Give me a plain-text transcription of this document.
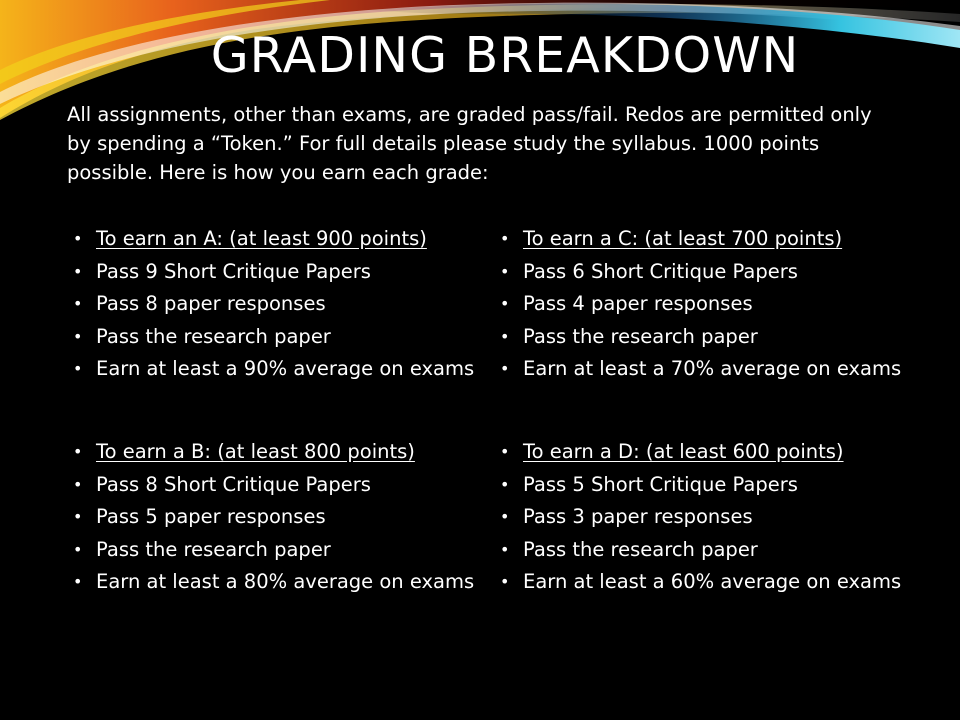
GRADING BREAKDOWN

All assignments, other than exams, are graded pass/fail. Redos are permitted only by spending a “Token.” For full details please study the syllabus. 1000 points possible. Here is how you earn each grade:

• To earn an A: (at least 900 points)
• Pass 9 Short Critique Papers
• Pass 8 paper responses
• Pass the research paper
• Earn at least a 90% average on exams
• To earn a C: (at least 700 points)
• Pass 6 Short Critique Papers
• Pass 4 paper responses
• Pass the research paper
• Earn at least a 70% average on exams
• To earn a B: (at least 800 points)
• Pass 8 Short Critique Papers
• Pass 5 paper responses
• Pass the research paper
• Earn at least a 80% average on exams
• To earn a D: (at least 600 points)
• Pass 5 Short Critique Papers
• Pass 3 paper responses
• Pass the research paper
• Earn at least a 60% average on exams
